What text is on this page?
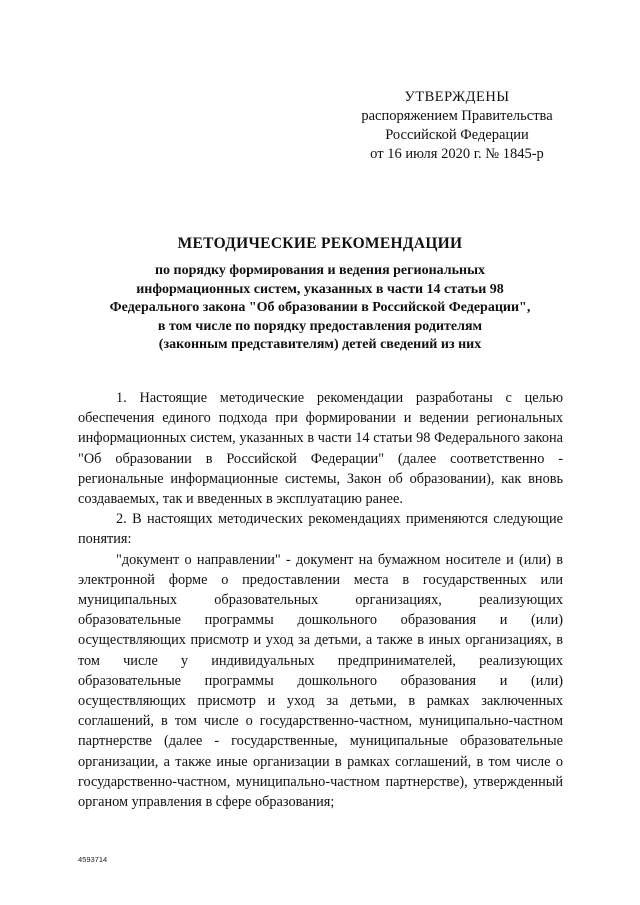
УТВЕРЖДЕНЫ
распоряжением Правительства
Российской Федерации
от 16 июля 2020 г. № 1845-р
МЕТОДИЧЕСКИЕ РЕКОМЕНДАЦИИ
по порядку формирования и ведения региональных
информационных систем, указанных в части 14 статьи 98
Федерального закона "Об образовании в Российской Федерации",
в том числе по порядку предоставления родителям
(законным представителям) детей сведений из них

1. Настоящие методические рекомендации разработаны с целью обеспечения единого подхода при формировании и ведении региональных информационных систем, указанных в части 14 статьи 98 Федерального закона "Об образовании в Российской Федерации" (далее соответственно - региональные информационные системы, Закон об образовании), как вновь создаваемых, так и введенных в эксплуатацию ранее.

2. В настоящих методических рекомендациях применяются следующие понятия:

"документ о направлении" - документ на бумажном носителе и (или) в электронной форме о предоставлении места в государственных или муниципальных образовательных организациях, реализующих образовательные программы дошкольного образования и (или) осуществляющих присмотр и уход за детьми, а также в иных организациях, в том числе у индивидуальных предпринимателей, реализующих образовательные программы дошкольного образования и (или) осуществляющих присмотр и уход за детьми, в рамках заключенных соглашений, в том числе о государственно-частном, муниципально-частном партнерстве (далее - государственные, муниципальные образовательные организации, а также иные организации в рамках соглашений, в том числе о государственно-частном, муниципально-частном партнерстве), утвержденный органом управления в сфере образования;

4593714
